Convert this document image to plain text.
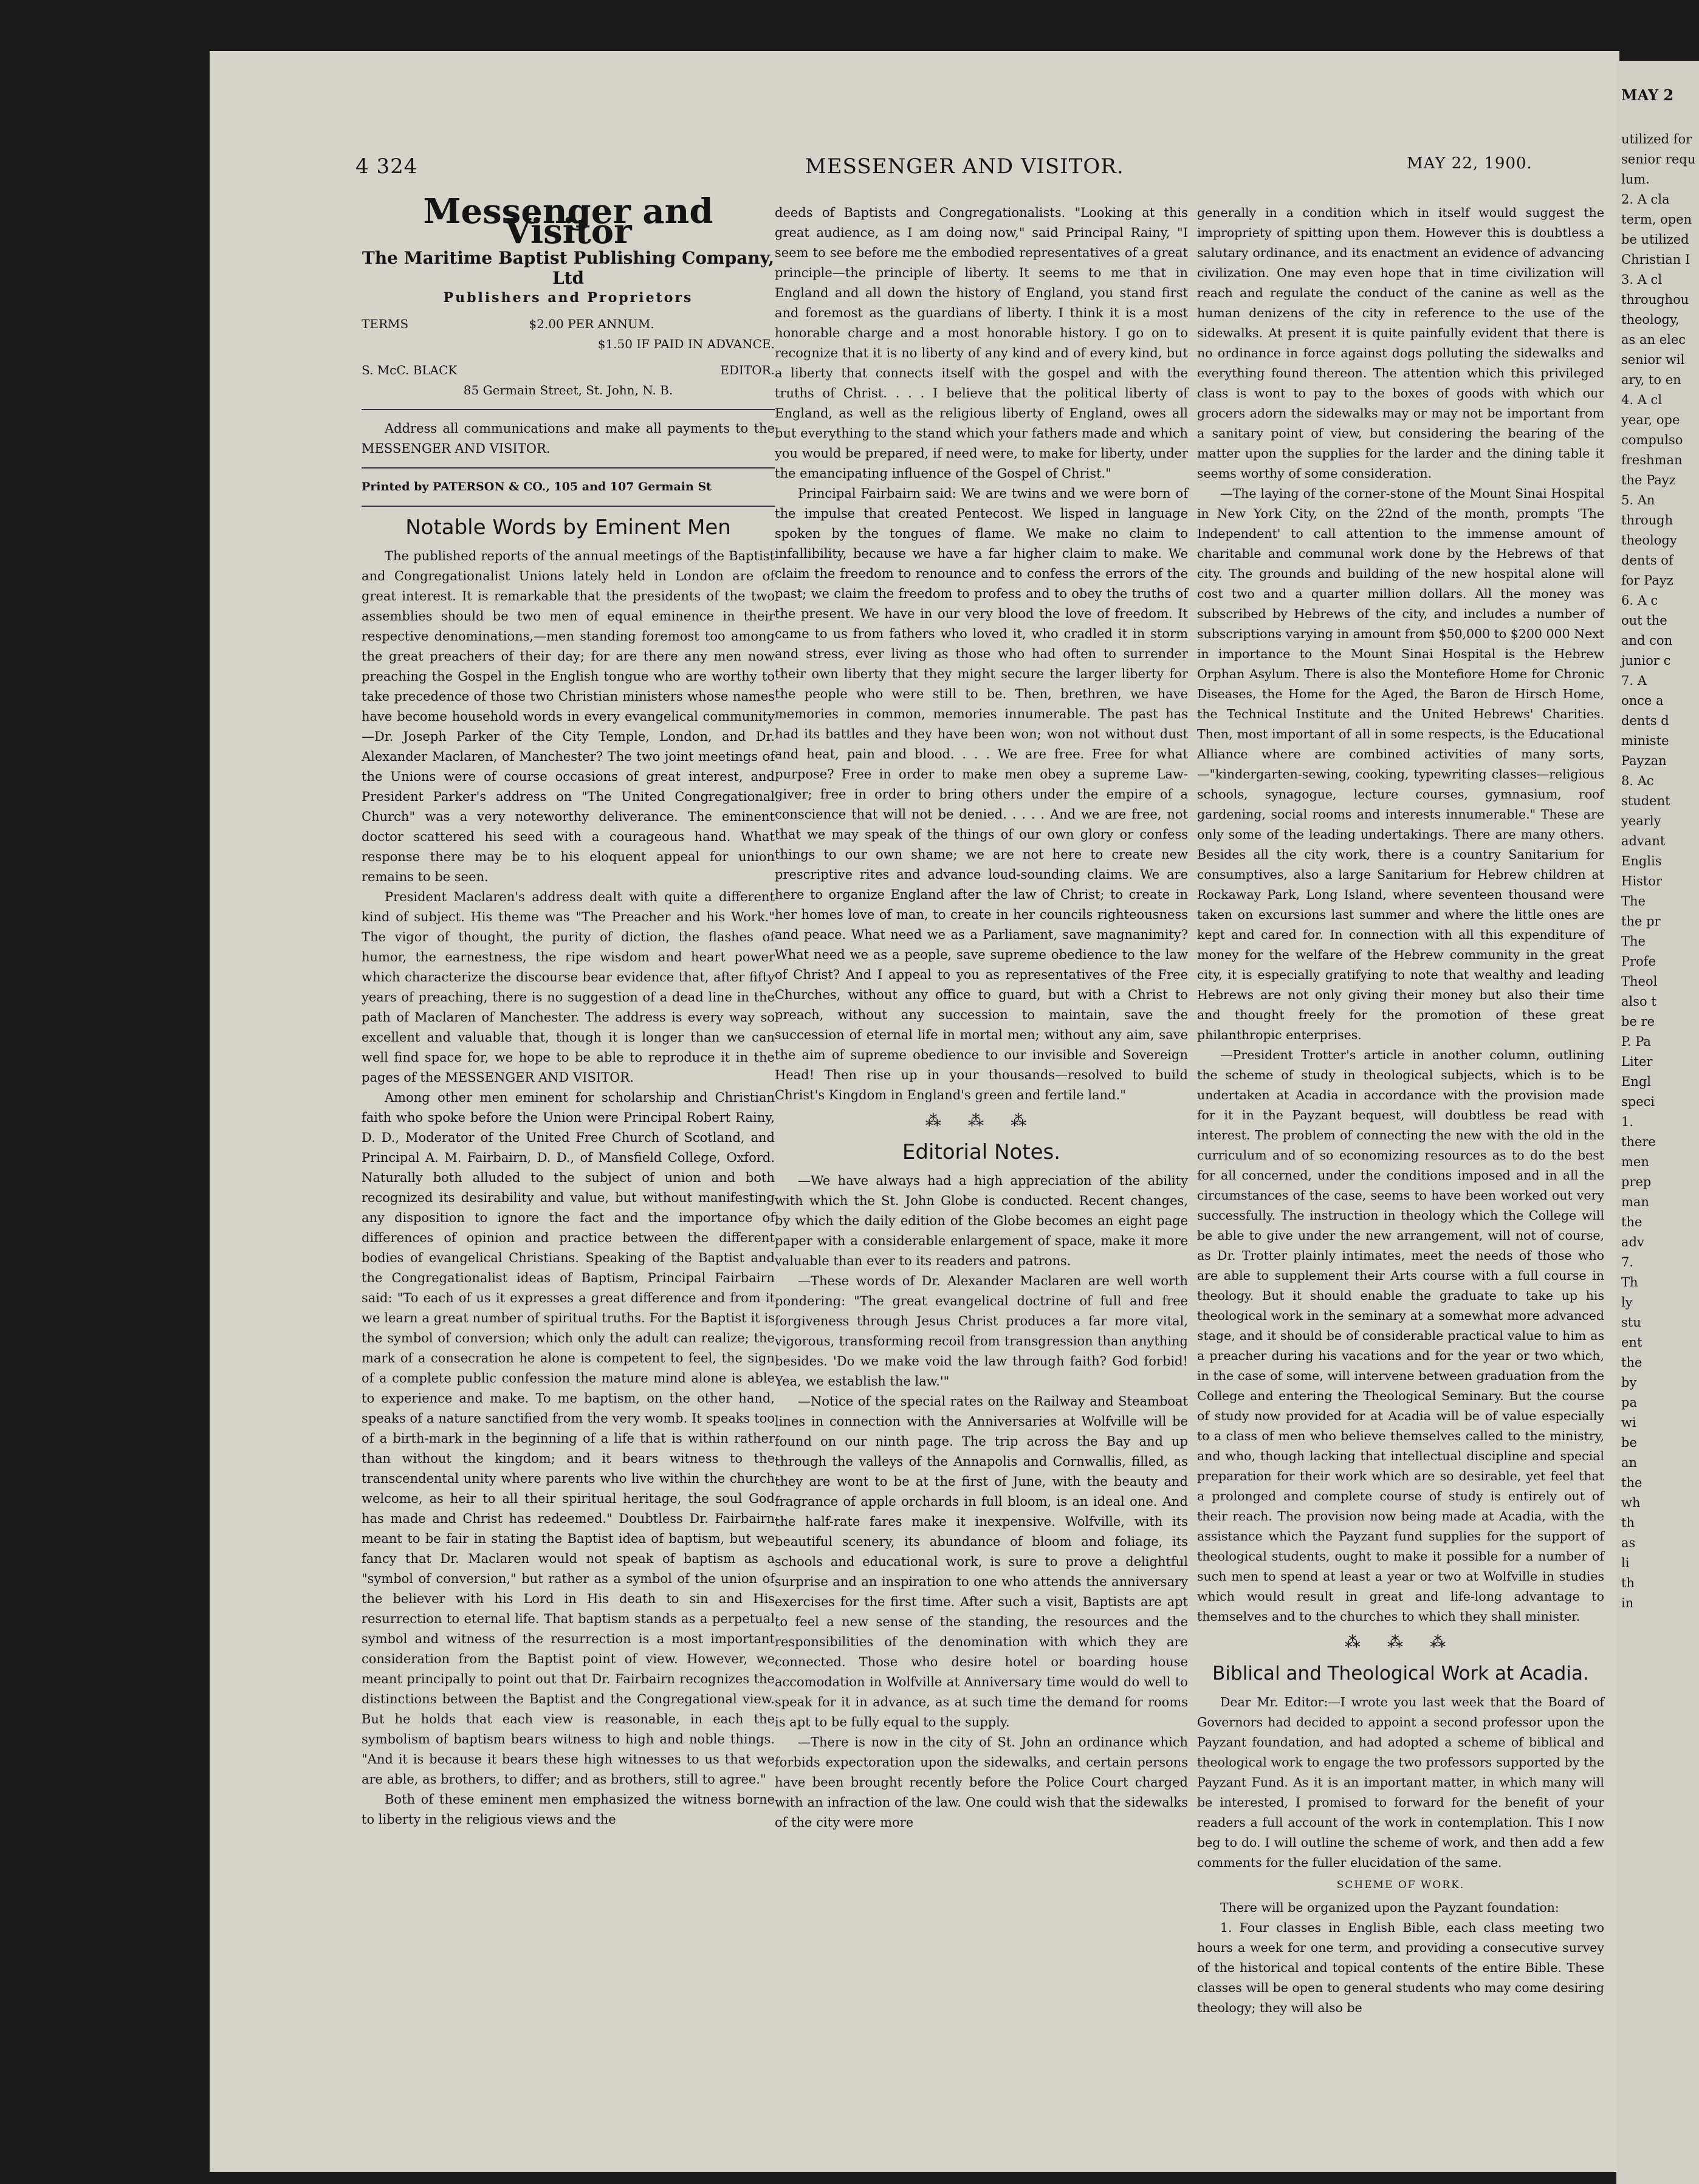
4 324	MESSENGER AND VISITOR.	MAY 22, 1900.
Messenger and Visitor

The Maritime Baptist Publishing Company, Ltd

Publishers and Proprietors

TERMS	$2.00 PER ANNUM.
$1.50 IF PAID IN ADVANCE.
S. McC. BLACK	EDITOR.
85 Germain Street, St. John, N. B.

Address all communications and make all payments to the MESSENGER AND VISITOR.

Printed by PATERSON & CO., 105 and 107 Germain St

Notable Words by Eminent Men

The published reports of the annual meetings of the Baptist and Congregationalist Unions lately held in London are of great interest. It is remarkable that the presidents of the two assemblies should be two men of equal eminence in their respective denominations,—men standing foremost too among the great preachers of their day; for are there any men now preaching the Gospel in the English tongue who are worthy to take precedence of those two Christian ministers whose names have become household words in every evangelical community—Dr. Joseph Parker of the City Temple, London, and Dr. Alexander Maclaren, of Manchester? The two joint meetings of the Unions were of course occasions of great interest, and President Parker's address on "The United Congregational Church" was a very noteworthy deliverance. The eminent doctor scattered his seed with a courageous hand. What response there may be to his eloquent appeal for union remains to be seen.

President Maclaren's address dealt with quite a different kind of subject. His theme was "The Preacher and his Work." The vigor of thought, the purity of diction, the flashes of humor, the earnestness, the ripe wisdom and heart power which characterize the discourse bear evidence that, after fifty years of preaching, there is no suggestion of a dead line in the path of Maclaren of Manchester. The address is every way so excellent and valuable that, though it is longer than we can well find space for, we hope to be able to reproduce it in the pages of the MESSENGER AND VISITOR.

Among other men eminent for scholarship and Christian faith who spoke before the Union were Principal Robert Rainy, D. D., Moderator of the United Free Church of Scotland, and Principal A. M. Fairbairn, D. D., of Mansfield College, Oxford. Naturally both alluded to the subject of union and both recognized its desirability and value, but without manifesting any disposition to ignore the fact and the importance of differences of opinion and practice between the different bodies of evangelical Christians. Speaking of the Baptist and the Congregationalist ideas of Baptism, Principal Fairbairn said: "To each of us it expresses a great difference and from it we learn a great number of spiritual truths. For the Baptist it is the symbol of conversion; which only the adult can realize; the mark of a consecration he alone is competent to feel, the sign of a complete public confession the mature mind alone is able to experience and make. To me baptism, on the other hand, speaks of a nature sanctified from the very womb. It speaks too of a birth-mark in the beginning of a life that is within rather than without the kingdom; and it bears witness to the transcendental unity where parents who live within the church welcome, as heir to all their spiritual heritage, the soul God has made and Christ has redeemed." Doubtless Dr. Fairbairn meant to be fair in stating the Baptist idea of baptism, but we fancy that Dr. Maclaren would not speak of baptism as a "symbol of conversion," but rather as a symbol of the union of the believer with his Lord in His death to sin and His resurrection to eternal life. That baptism stands as a perpetual symbol and witness of the resurrection is a most important consideration from the Baptist point of view. However, we meant principally to point out that Dr. Fairbairn recognizes the distinctions between the Baptist and the Congregational view. But he holds that each view is reasonable, in each the symbolism of baptism bears witness to high and noble things. "And it is because it bears these high witnesses to us that we are able, as brothers, to differ; and as brothers, still to agree."

Both of these eminent men emphasized the witness borne to liberty in the religious views and the

deeds of Baptists and Congregationalists. "Looking at this great audience, as I am doing now," said Principal Rainy, "I seem to see before me the embodied representatives of a great principle—the principle of liberty. It seems to me that in England and all down the history of England, you stand first and foremost as the guardians of liberty. I think it is a most honorable charge and a most honorable history. I go on to recognize that it is no liberty of any kind and of every kind, but a liberty that connects itself with the gospel and with the truths of Christ. . . . I believe that the political liberty of England, as well as the religious liberty of England, owes all but everything to the stand which your fathers made and which you would be prepared, if need were, to make for liberty, under the emancipating influence of the Gospel of Christ."

Principal Fairbairn said: We are twins and we were born of the impulse that created Pentecost. We lisped in language spoken by the tongues of flame. We make no claim to infallibility, because we have a far higher claim to make. We claim the freedom to renounce and to confess the errors of the past; we claim the freedom to profess and to obey the truths of the present. We have in our very blood the love of freedom. It came to us from fathers who loved it, who cradled it in storm and stress, ever living as those who had often to surrender their own liberty that they might secure the larger liberty for the people who were still to be. Then, brethren, we have memories in common, memories innumerable. The past has had its battles and they have been won; won not without dust and heat, pain and blood. . . . We are free. Free for what purpose? Free in order to make men obey a supreme Law-giver; free in order to bring others under the empire of a conscience that will not be denied. . . . . And we are free, not that we may speak of the things of our own glory or confess things to our own shame; we are not here to create new prescriptive rites and advance loud-sounding claims. We are here to organize England after the law of Christ; to create in her homes love of man, to create in her councils righteousness and peace. What need we as a Parliament, save magnanimity? What need we as a people, save supreme obedience to the law of Christ? And I appeal to you as representatives of the Free Churches, without any office to guard, but with a Christ to preach, without any succession to maintain, save the succession of eternal life in mortal men; without any aim, save the aim of supreme obedience to our invisible and Sovereign Head! Then rise up in your thousands—resolved to build Christ's Kingdom in England's green and fertile land."

⁂ ⁂ ⁂
Editorial Notes.

—We have always had a high appreciation of the ability with which the St. John Globe is conducted. Recent changes, by which the daily edition of the Globe becomes an eight page paper with a considerable enlargement of space, make it more valuable than ever to its readers and patrons.

—These words of Dr. Alexander Maclaren are well worth pondering: "The great evangelical doctrine of full and free forgiveness through Jesus Christ produces a far more vital, vigorous, transforming recoil from transgression than anything besides. 'Do we make void the law through faith? God forbid! Yea, we establish the law.'"

—Notice of the special rates on the Railway and Steamboat lines in connection with the Anniversaries at Wolfville will be found on our ninth page. The trip across the Bay and up through the valleys of the Annapolis and Cornwallis, filled, as they are wont to be at the first of June, with the beauty and fragrance of apple orchards in full bloom, is an ideal one. And the half-rate fares make it inexpensive. Wolfville, with its beautiful scenery, its abundance of bloom and foliage, its schools and educational work, is sure to prove a delightful surprise and an inspiration to one who attends the anniversary exercises for the first time. After such a visit, Baptists are apt to feel a new sense of the standing, the resources and the responsibilities of the denomination with which they are connected. Those who desire hotel or boarding house accomodation in Wolfville at Anniversary time would do well to speak for it in advance, as at such time the demand for rooms is apt to be fully equal to the supply.

—There is now in the city of St. John an ordinance which forbids expectoration upon the sidewalks, and certain persons have been brought recently before the Police Court charged with an infraction of the law. One could wish that the sidewalks of the city were more

generally in a condition which in itself would suggest the impropriety of spitting upon them. However this is doubtless a salutary ordinance, and its enactment an evidence of advancing civilization. One may even hope that in time civilization will reach and regulate the conduct of the canine as well as the human denizens of the city in reference to the use of the sidewalks. At present it is quite painfully evident that there is no ordinance in force against dogs polluting the sidewalks and everything found thereon. The attention which this privileged class is wont to pay to the boxes of goods with which our grocers adorn the sidewalks may or may not be important from a sanitary point of view, but considering the bearing of the matter upon the supplies for the larder and the dining table it seems worthy of some consideration.

—The laying of the corner-stone of the Mount Sinai Hospital in New York City, on the 22nd of the month, prompts 'The Independent' to call attention to the immense amount of charitable and communal work done by the Hebrews of that city. The grounds and building of the new hospital alone will cost two and a quarter million dollars. All the money was subscribed by Hebrews of the city, and includes a number of subscriptions varying in amount from $50,000 to $200 000 Next in importance to the Mount Sinai Hospital is the Hebrew Orphan Asylum. There is also the Montefiore Home for Chronic Diseases, the Home for the Aged, the Baron de Hirsch Home, the Technical Institute and the United Hebrews' Charities. Then, most important of all in some respects, is the Educational Alliance where are combined activities of many sorts,—"kindergarten-sewing, cooking, typewriting classes—religious schools, synagogue, lecture courses, gymnasium, roof gardening, social rooms and interests innumerable." These are only some of the leading undertakings. There are many others. Besides all the city work, there is a country Sanitarium for consumptives, also a large Sanitarium for Hebrew children at Rockaway Park, Long Island, where seventeen thousand were taken on excursions last summer and where the little ones are kept and cared for. In connection with all this expenditure of money for the welfare of the Hebrew community in the great city, it is especially gratifying to note that wealthy and leading Hebrews are not only giving their money but also their time and thought freely for the promotion of these great philanthropic enterprises.

—President Trotter's article in another column, outlining the scheme of study in theological subjects, which is to be undertaken at Acadia in accordance with the provision made for it in the Payzant bequest, will doubtless be read with interest. The problem of connecting the new with the old in the curriculum and of so economizing resources as to do the best for all concerned, under the conditions imposed and in all the circumstances of the case, seems to have been worked out very successfully. The instruction in theology which the College will be able to give under the new arrangement, will not of course, as Dr. Trotter plainly intimates, meet the needs of those who are able to supplement their Arts course with a full course in theology. But it should enable the graduate to take up his theological work in the seminary at a somewhat more advanced stage, and it should be of considerable practical value to him as a preacher during his vacations and for the year or two which, in the case of some, will intervene between graduation from the College and entering the Theological Seminary. But the course of study now provided for at Acadia will be of value especially to a class of men who believe themselves called to the ministry, and who, though lacking that intellectual discipline and special preparation for their work which are so desirable, yet feel that a prolonged and complete course of study is entirely out of their reach. The provision now being made at Acadia, with the assistance which the Payzant fund supplies for the support of theological students, ought to make it possible for a number of such men to spend at least a year or two at Wolfville in studies which would result in great and life-long advantage to themselves and to the churches to which they shall minister.

⁂ ⁂ ⁂
Biblical and Theological Work at Acadia.

Dear Mr. Editor:—I wrote you last week that the Board of Governors had decided to appoint a second professor upon the Payzant foundation, and had adopted a scheme of biblical and theological work to engage the two professors supported by the Payzant Fund. As it is an important matter, in which many will be interested, I promised to forward for the benefit of your readers a full account of the work in contemplation. This I now beg to do. I will outline the scheme of work, and then add a few comments for the fuller elucidation of the same.

SCHEME OF WORK.

There will be organized upon the Payzant foundation:

1. Four classes in English Bible, each class meeting two hours a week for one term, and providing a consecutive survey of the historical and topical contents of the entire Bible. These classes will be open to general students who may come desiring theology; they will also be

MAY 2

utilized for

senior requ

lum.

2. A cla

term, open

be utilized

Christian I

3. A cl

throughou

theology,

as an elec

senior wil

ary, to en

4. A cl

year, ope

compulso

freshman

the Payz

5. An

through

theology

dents of

for Payz

6. A c

out the

and con

junior c

7. A

once a

dents d

ministe

Payzan

8. Ac

student

yearly

advant

Englis

Histor

The

the pr

The

Profe

Theol

also t

be re

P. Pa

Liter

Engl

speci

1.

there

men

prep

man

the

adv

7.

Th

ly

stu

ent

the

by

pa

wi

be

an

the

wh

th

as

li

th

in
